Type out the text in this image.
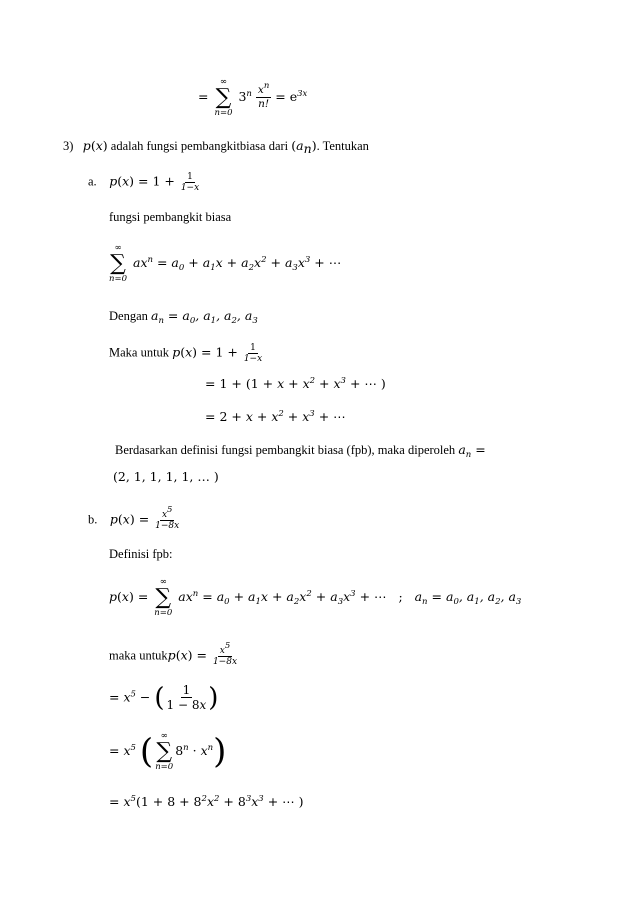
=
∞
∑
n=0
$3^n \frac{x^n}{n!} = e^{3x}$
3) p(x) adalah fungsi pembangkitbiasa dari $(a_n)$. Tentukan
a. $p(x) = 1 + \frac{1}{1-x}$
fungsi pembangkit biasa
∞
∑
n=0
$ax^n = a_0 + a_1x + a_2x^2 + a_3x^3$ + ⋯
Dengan $a_n = a_0$, $a_1$, $a_2$, $a_3$
Maka untuk $p(x) = 1 + \frac{1}{1-x}$
= $1 + (1 + x + x^2 + x^3$ + ⋯ )
= $2 + x + x^2 + x^3$ + ⋯
Berdasarkan definisi fungsi pembangkit biasa (fpb), maka diperoleh $a_n$ =
(2, 1, 1, 1, 1, … )
b. $p(x) = \frac{x^5}{1-8x}$
Definisi fpb:
p(x) =
∞
∑
n=0
$ax^n = a_0 + a_1x + a_2x^2 + a_3x^3$ + ⋯   ;   $a_n = a_0$, $a_1$, $a_2$, $a_3$
maka untukp(x) = $\frac{x^5}{1-8x}$
= $x^5$ − ( $\frac{1}{1 - 8x}$ )
= $x^5$ ( ∞
∑
n=0
$8^n \cdot x^n$)
= $x^5(1 + 8 + 8^2x^2 + 8^3x^3$ + ⋯ )
